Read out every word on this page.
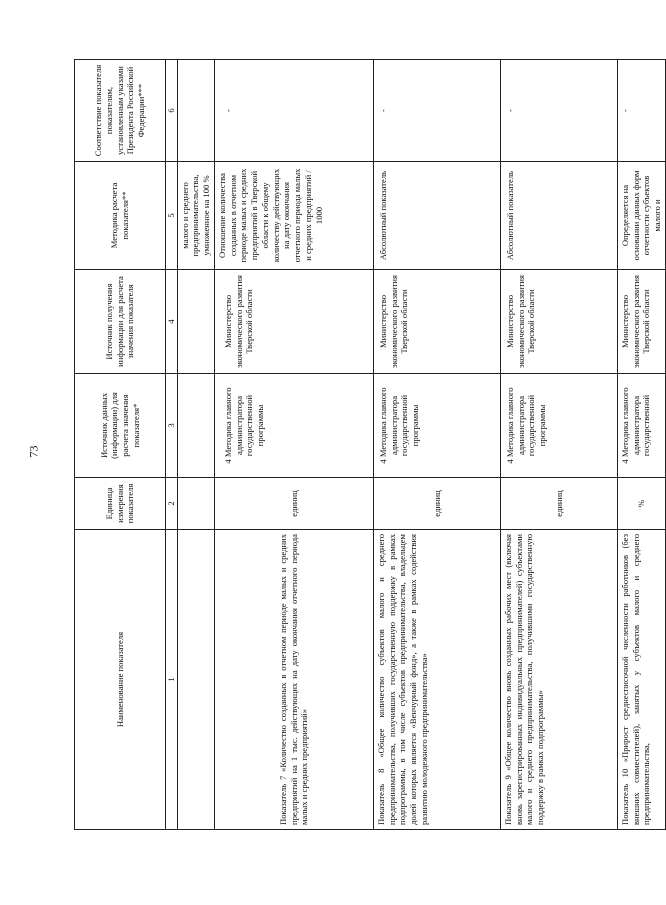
73
Наименование показателя	Единица измерения показателя	Источник данных (информации) для расчета значения показателя*	Источник получения информации для расчета значения показателя	Методика расчета показателя**	Соответствие показателя показателям, установленным указами Президента Российской Федерации***
1	2	3	4	5	6
				малого и среднего предпринимательства, умноженное на 100 %	
Показатель 7 «Количество созданных в отчетном периоде малых и средних предприятий на 1 тыс. действующих на дату окончания отчетного периода малых и средних предприятий»	единиц	4 Методика главного администратора государственной программы	Министерство экономического развития Тверской области	Отношение количества созданных в отчетном периоде малых и средних предприятий в Тверской области к общему количеству действующих на дату окончания отчетного периода малых и средних предприятий / 1000	-
Показатель 8 «Общее количество субъектов малого и среднего предпринимательства, получивших государственную поддержку в рамках подпрограммы, в том числе субъектов предпринимательства, владельцем долей которых является «Венчурный фонд», а также в рамках содействия развитию молодежного предпринимательства»	единиц	4 Методика главного администратора государственной программы	Министерство экономического развития Тверской области	Абсолютный показатель	-
Показатель 9 «Общее количество вновь созданных рабочих мест (включая вновь зарегистрированных индивидуальных предпринимателей) субъектами малого и среднего предпринимательства, получившими государственную поддержку в рамках подпрограммы»	единиц	4 Методика главного администратора государственной программы	Министерство экономического развития Тверской области	Абсолютный показатель	-
Показатель 10 «Прирост среднесписочной численности работников (без внешних совместителей), занятых у субъектов малого и среднего предпринимательства,	%	4 Методика главного администратора государственной	Министерство экономического развития Тверской области	Определяется на основании данных форм отчетности субъектов малого и	-
